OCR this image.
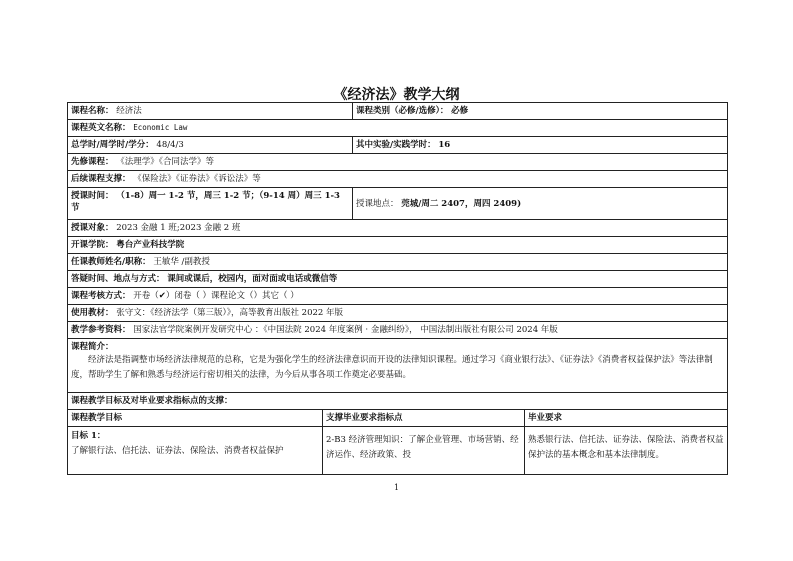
《经济法》教学大纲
课程名称： 经济法		课程类别（必修/选修）： 必修	
课程英文名称： Economic Law			
总学时/周学时/学分： 48/4/3		其中实验/实践学时： 16	
先修课程： 《法理学》《合同法学》等			
后续课程支撑： 《保险法》《证券法》《诉讼法》等			
授课时间： （1-8）周一 1-2 节，周三 1-2 节；（9-14 周）周三 1-3 节		授课地点： 莞城/周二 2407，周四 2409)	
授课对象： 2023 金融 1 班;2023 金融 2 班			
开课学院： 粤台产业科技学院			
任课教师姓名/职称： 王敏华 /副教授			
答疑时间、地点与方式： 课间或课后，校园内，面对面或电话或微信等			
课程考核方式： 开卷（✔）闭卷（ ）课程论文（）其它（ ）			
使用教材： 张守文：《经济法学（第三版）》，高等教育出版社 2022 年版			
教学参考资料： 国家法官学院案例开发研究中心 ：《中国法院 2024 年度案例 · 金融纠纷》， 中国法制出版社有限公司 2024 年版			

课程简介：
经济法是指调整市场经济法律规范的总称，它是为强化学生的经济法律意识而开设的法律知识课程。通过学习《商业银行法》、《证券法》《消费者权益保护法》等法律制度，帮助学生了解和熟悉与经济运行密切相关的法律，为今后从事各项工作奠定必要基础。			

课程教学目标及对毕业要求指标点的支撑：			
课程教学目标	支撑毕业要求指标点		毕业要求

目标 1：
了解银行法、信托法、证券法、保险法、消费者权益保护	2-B3 经济管理知识：了解企业管理、市场营销、经济运作、经济政策、投		熟悉银行法、信托法、证券法、保险法、消费者权益保护法的基本概念和基本法律制度。
1
